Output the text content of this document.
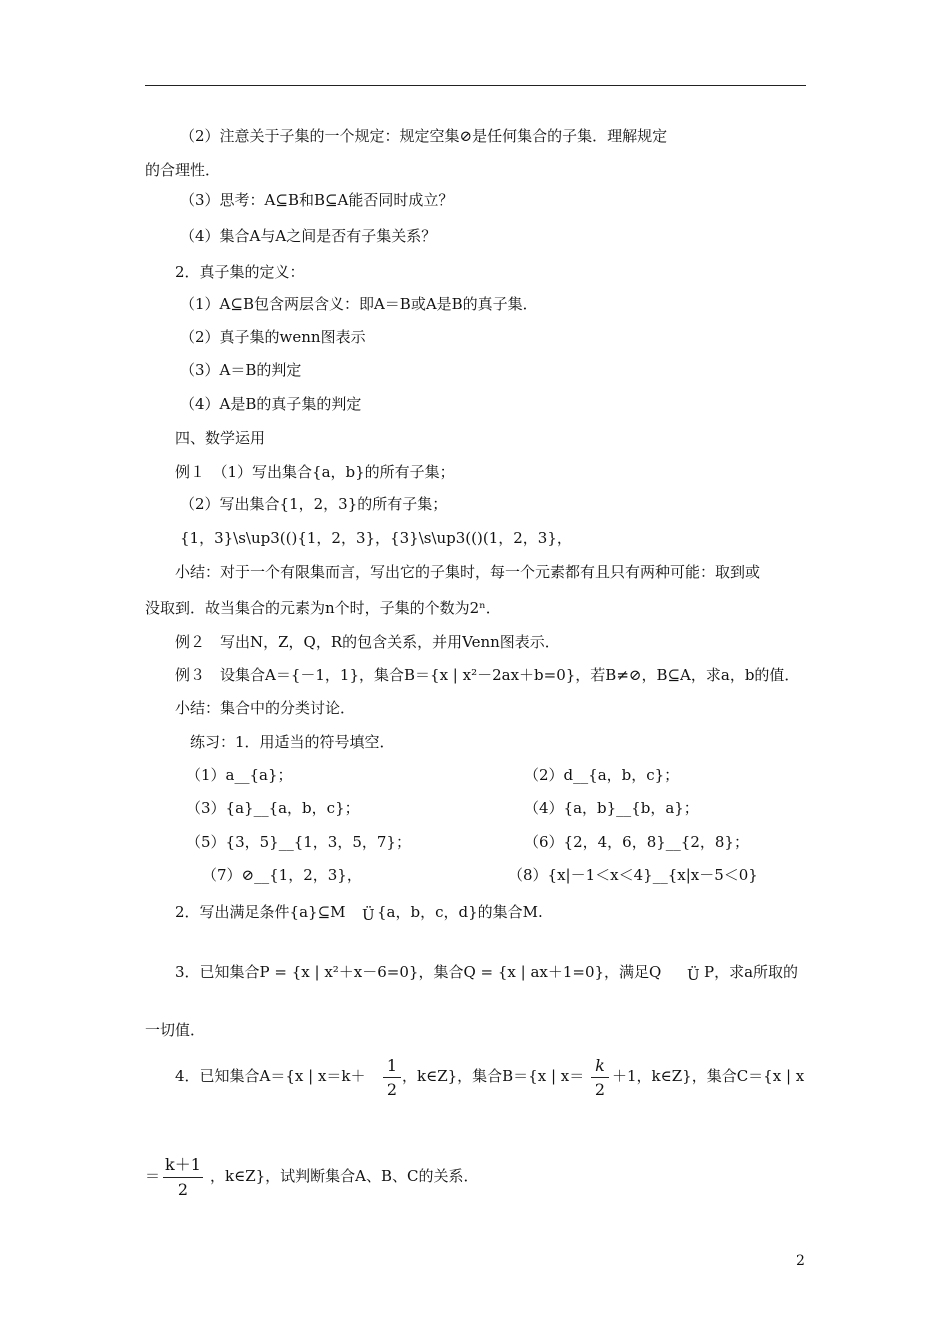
（2）注意关于子集的一个规定：规定空集⊘是任何集合的子集．理解规定
的合理性．
（3）思考：A⊆B和B⊆A能否同时成立？
（4）集合A与A之间是否有子集关系？
2．真子集的定义：
（1）A⊆B包含两层含义：即A＝B或A是B的真子集．
（2）真子集的wenn图表示
（3）A＝B的判定
（4）A是B的真子集的判定
四、数学运用
例１　（1）写出集合{a，b}的所有子集；
（2）写出集合{1，2，3}的所有子集；
{1，3}\s\up3((){1，2，3}，{3}\s\up3(()(1，2，3}，
小结：对于一个有限集而言，写出它的子集时，每一个元素都有且只有两种可能：取到或
没取到．故当集合的元素为n个时，子集的个数为2ⁿ．
例２　写出N，Z，Q，R的包含关系，并用Venn图表示．
例３　设集合A＝{－1，1}，集合B＝{x | x²－2ax＋b=0}，若B≠⊘，B⊆A，求a，b的值．
小结：集合中的分类讨论．
练习：1．用适当的符号填空．
（1）a__{a}；	（2）d__{a，b，c}；
（3）{a}__{a，b，c}；	（4）{a，b}__{b，a}；
（5）{3，5}__{1，3，5，7}；	（6）{2，4，6，8}__{2，8}；
（7）⊘__{1，2，3}，	（8）{x|－1＜x＜4}__{x|x－5＜0}
2．写出满足条件{a}⊆M Ü {a，b，c，d}的集合M.
3．已知集合P = {x | x²＋x－6=0}，集合Q = {x | ax＋1=0}，满足Q Ü P，求a所取的
一切值．
4．已知集合A＝{x | x＝k＋
1
2
，k∈Z}，集合B＝{x | x＝
k
2
＋1，k∈Z}，集合C＝{x | x
＝
k＋1
2
，k∈Z}，试判断集合A、B、C的关系．
2
